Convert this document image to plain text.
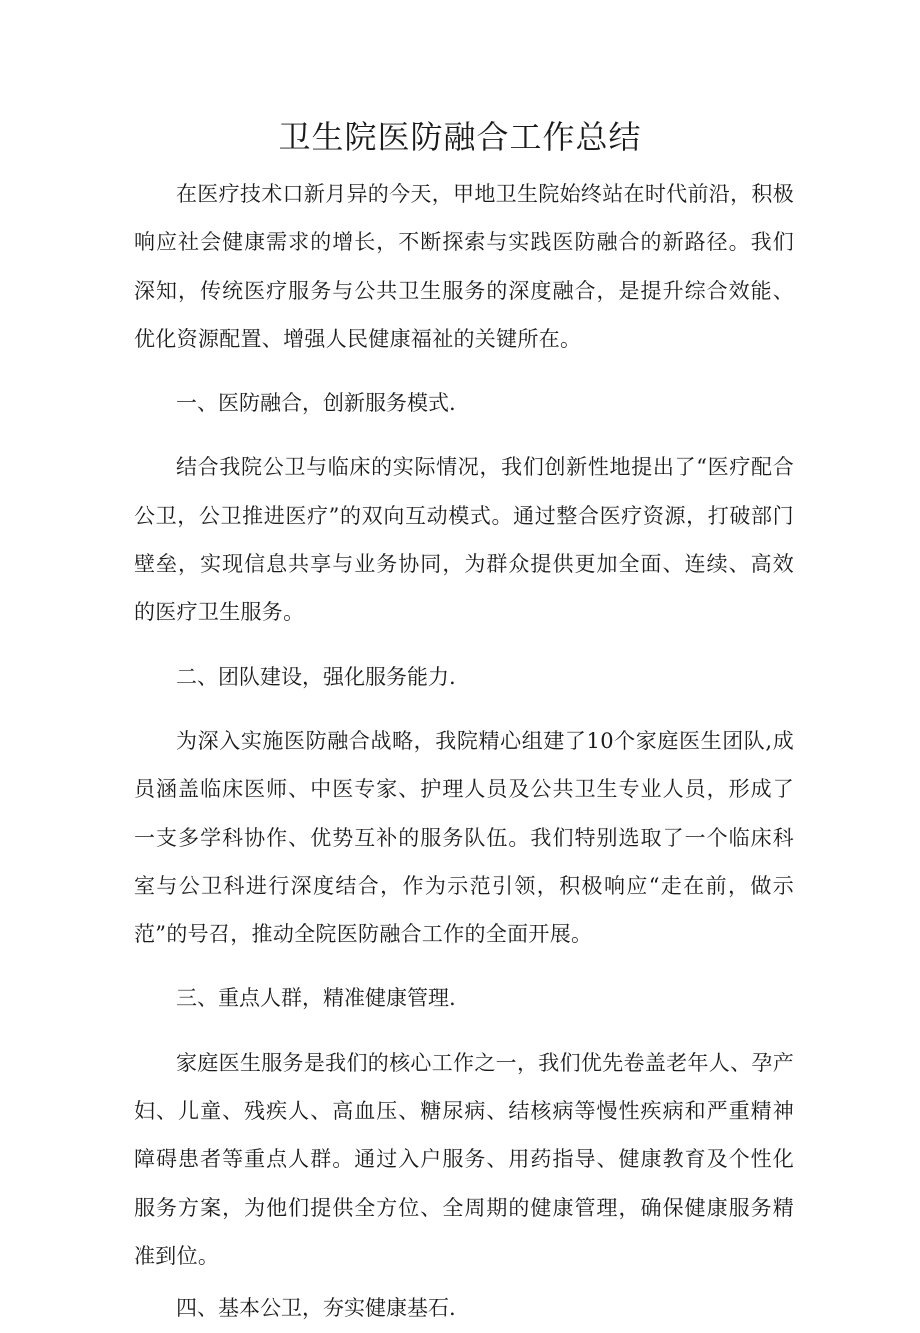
卫生院医防融合工作总结

在医疗技术口新月异的今天，甲地卫生院始终站在时代前沿，积极响应社会健康需求的增长，不断探索与实践医防融合的新路径。我们深知，传统医疗服务与公共卫生服务的深度融合，是提升综合效能、优化资源配置、增强人民健康福祉的关键所在。

一、医防融合，创新服务模式.

结合我院公卫与临床的实际情况，我们创新性地提出了“医疗配合公卫，公卫推进医疗”的双向互动模式。通过整合医疗资源，打破部门壁垒，实现信息共享与业务协同，为群众提供更加全面、连续、高效的医疗卫生服务。

二、团队建设，强化服务能力.

为深入实施医防融合战略，我院精心组建了10个家庭医生团队,成员涵盖临床医师、中医专家、护理人员及公共卫生专业人员，形成了一支多学科协作、优势互补的服务队伍。我们特别选取了一个临床科室与公卫科进行深度结合，作为示范引领，积极响应“走在前，做示范”的号召，推动全院医防融合工作的全面开展。

三、重点人群，精准健康管理.

家庭医生服务是我们的核心工作之一，我们优先卷盖老年人、孕产妇、儿童、残疾人、高血压、糖尿病、结核病等慢性疾病和严重精神障碍患者等重点人群。通过入户服务、用药指导、健康教育及个性化服务方案，为他们提供全方位、全周期的健康管理，确保健康服务精准到位。

四、基本公卫，夯实健康基石.
